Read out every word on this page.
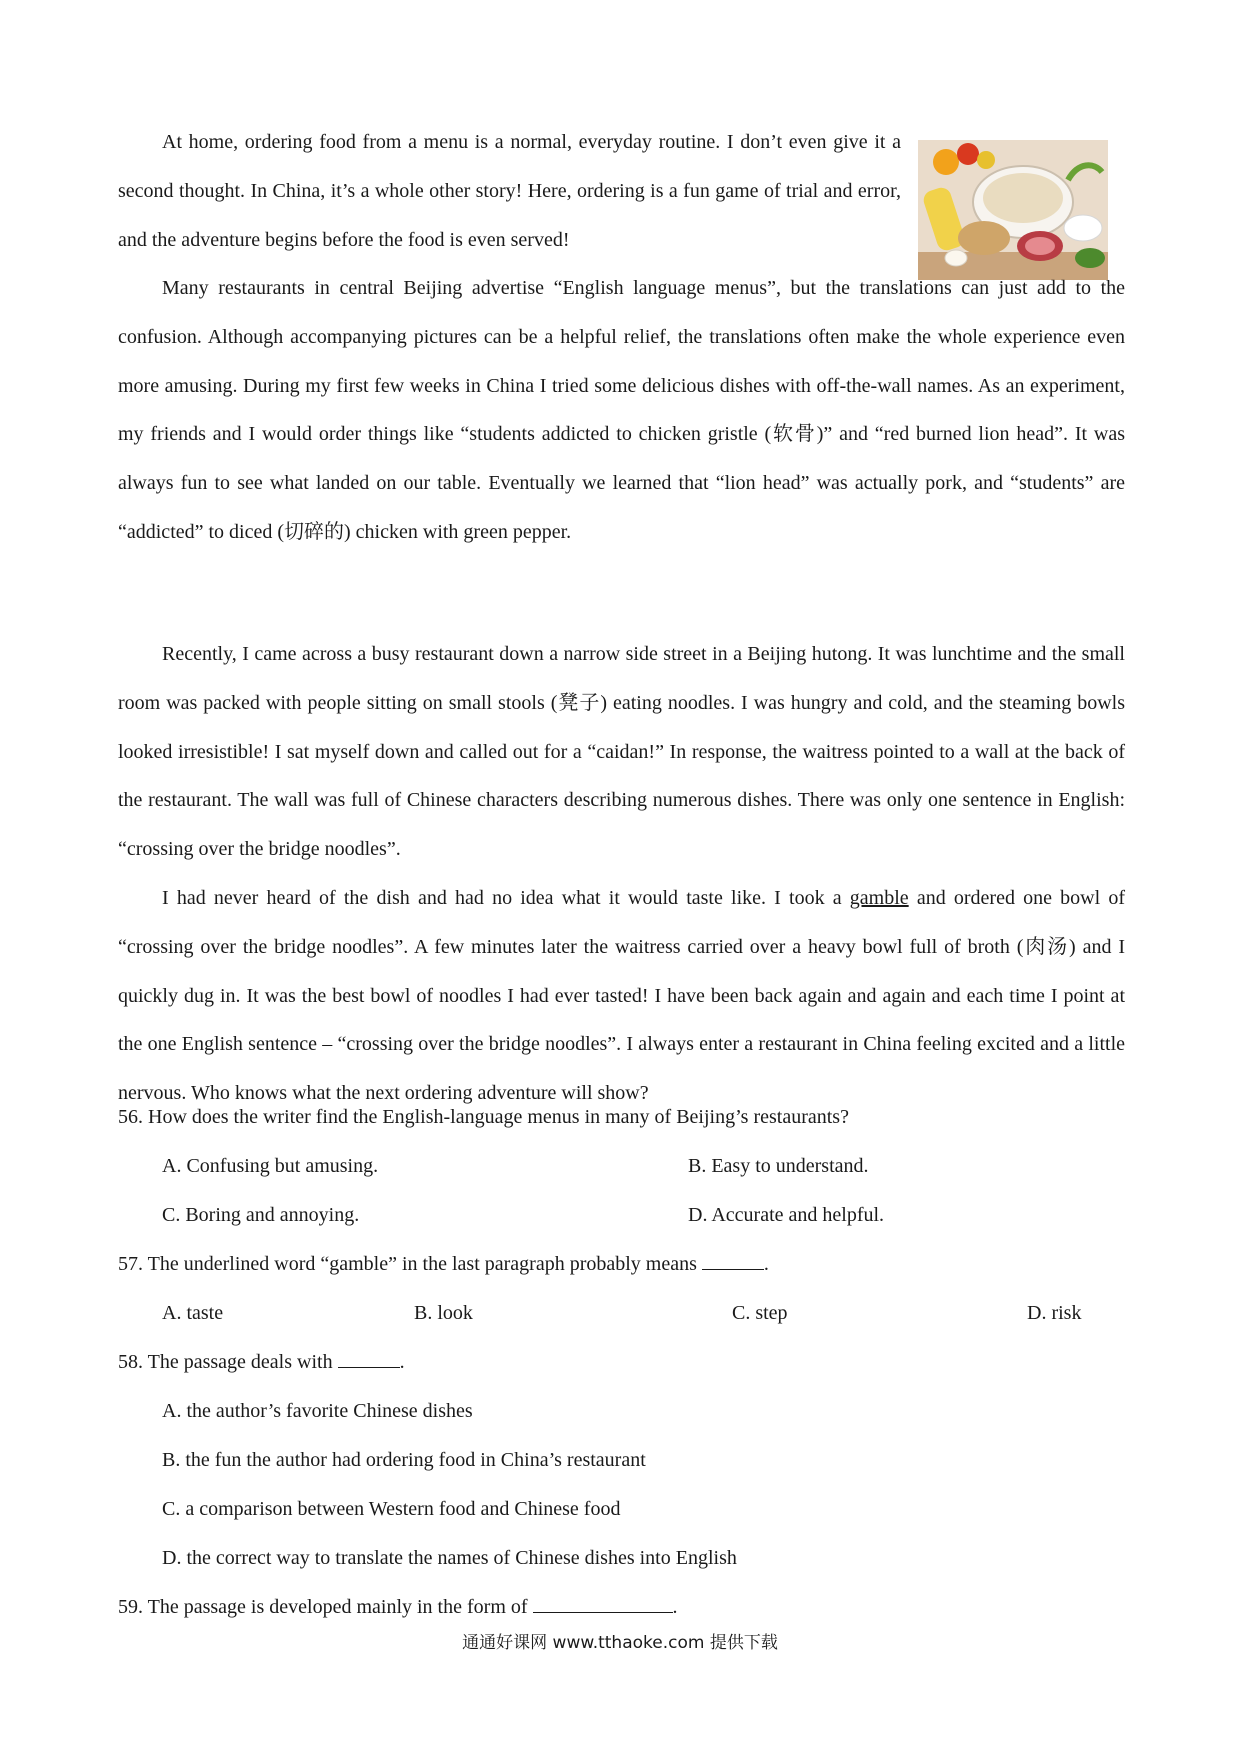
At home, ordering food from a menu is a normal, everyday routine. I don’t even give it a second thought. In China, it’s a whole other story! Here, ordering is a fun game of trial and error, and the adventure begins before the food is even served!

Many restaurants in central Beijing advertise “English language menus”, but the translations can just add to the confusion. Although accompanying pictures can be a helpful relief, the translations often make the whole experience even more amusing. During my first few weeks in China I tried some delicious dishes with off-the-wall names. As an experiment, my friends and I would order things like “students addicted to chicken gristle (软骨)” and “red burned lion head”. It was always fun to see what landed on our table. Eventually we learned that “lion head” was actually pork, and “students” are “addicted” to diced (切碎的) chicken with green pepper.

Recently, I came across a busy restaurant down a narrow side street in a Beijing hutong. It was lunchtime and the small room was packed with people sitting on small stools (凳子) eating noodles. I was hungry and cold, and the steaming bowls looked irresistible! I sat myself down and called out for a “caidan!” In response, the waitress pointed to a wall at the back of the restaurant. The wall was full of Chinese characters describing numerous dishes. There was only one sentence in English: “crossing over the bridge noodles”.

I had never heard of the dish and had no idea what it would taste like. I took a gamble and ordered one bowl of “crossing over the bridge noodles”. A few minutes later the waitress carried over a heavy bowl full of broth (肉汤) and I quickly dug in. It was the best bowl of noodles I had ever tasted! I have been back again and again and each time I point at the one English sentence – “crossing over the bridge noodles”. I always enter a restaurant in China feeling excited and a little nervous. Who knows what the next ordering adventure will show?

56. How does the writer find the English-language menus in many of Beijing’s restaurants?

A. Confusing but amusing.	B. Easy to understand.
C. Boring and annoying.	D. Accurate and helpful.

57. The underlined word “gamble” in the last paragraph probably means	.

A. taste	B. look	C. step	D. risk

58. The passage deals with	.

A. the author’s favorite Chinese dishes
B. the fun the author had ordering food in China’s restaurant
C. a comparison between Western food and Chinese food
D. the correct way to translate the names of Chinese dishes into English

59. The passage is developed mainly in the form of	.

通通好课网 www.tthaoke.com 提供下载
